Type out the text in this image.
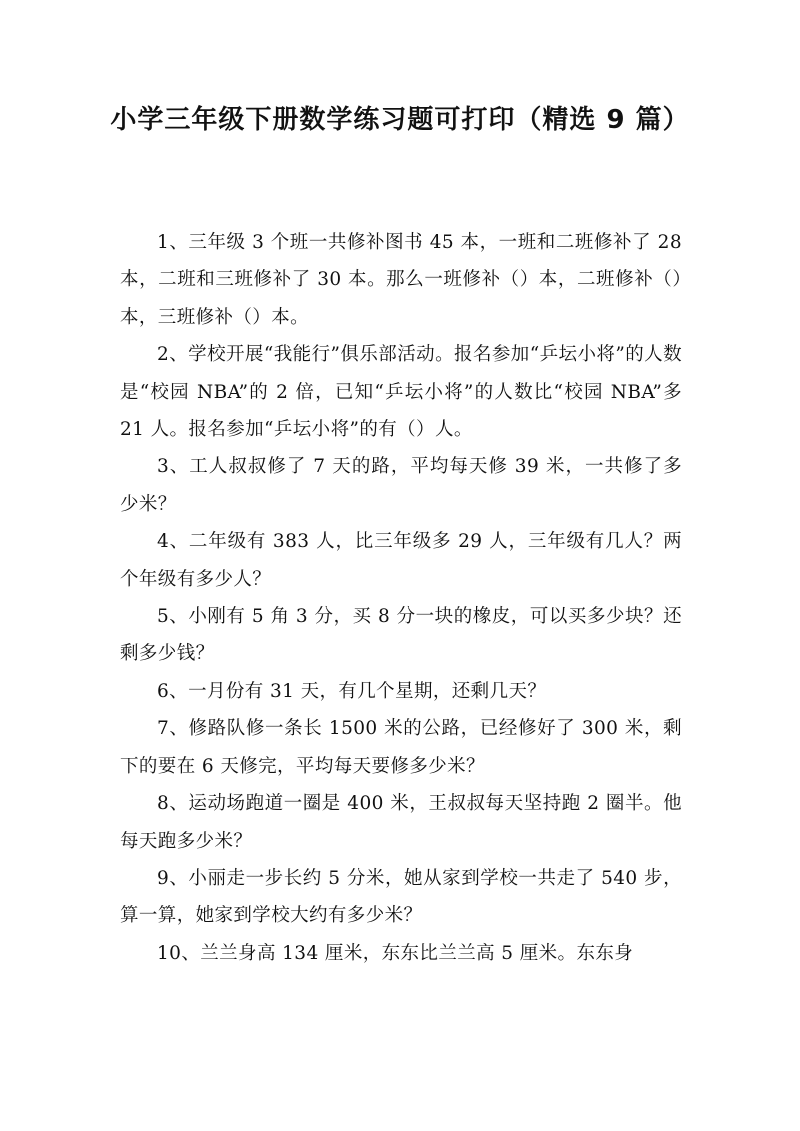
小学三年级下册数学练习题可打印（精选 9 篇）

1、三年级 3 个班一共修补图书 45 本，一班和二班修补了 28 本，二班和三班修补了 30 本。那么一班修补（）本，二班修补（）本，三班修补（）本。

2、学校开展“我能行”俱乐部活动。报名参加“乒坛小将”的人数是“校园 NBA”的 2 倍，已知“乒坛小将”的人数比“校园 NBA”多 21 人。报名参加“乒坛小将”的有（）人。

3、工人叔叔修了 7 天的路，平均每天修 39 米，一共修了多少米？

4、二年级有 383 人，比三年级多 29 人，三年级有几人？两个年级有多少人？

5、小刚有 5 角 3 分，买 8 分一块的橡皮，可以买多少块？还剩多少钱？

6、一月份有 31 天，有几个星期，还剩几天？

7、修路队修一条长 1500 米的公路，已经修好了 300 米，剩下的要在 6 天修完，平均每天要修多少米？

8、运动场跑道一圈是 400 米，王叔叔每天坚持跑 2 圈半。他每天跑多少米？

9、小丽走一步长约 5 分米，她从家到学校一共走了 540 步，算一算，她家到学校大约有多少米？

10、兰兰身高 134 厘米，东东比兰兰高 5 厘米。东东身
